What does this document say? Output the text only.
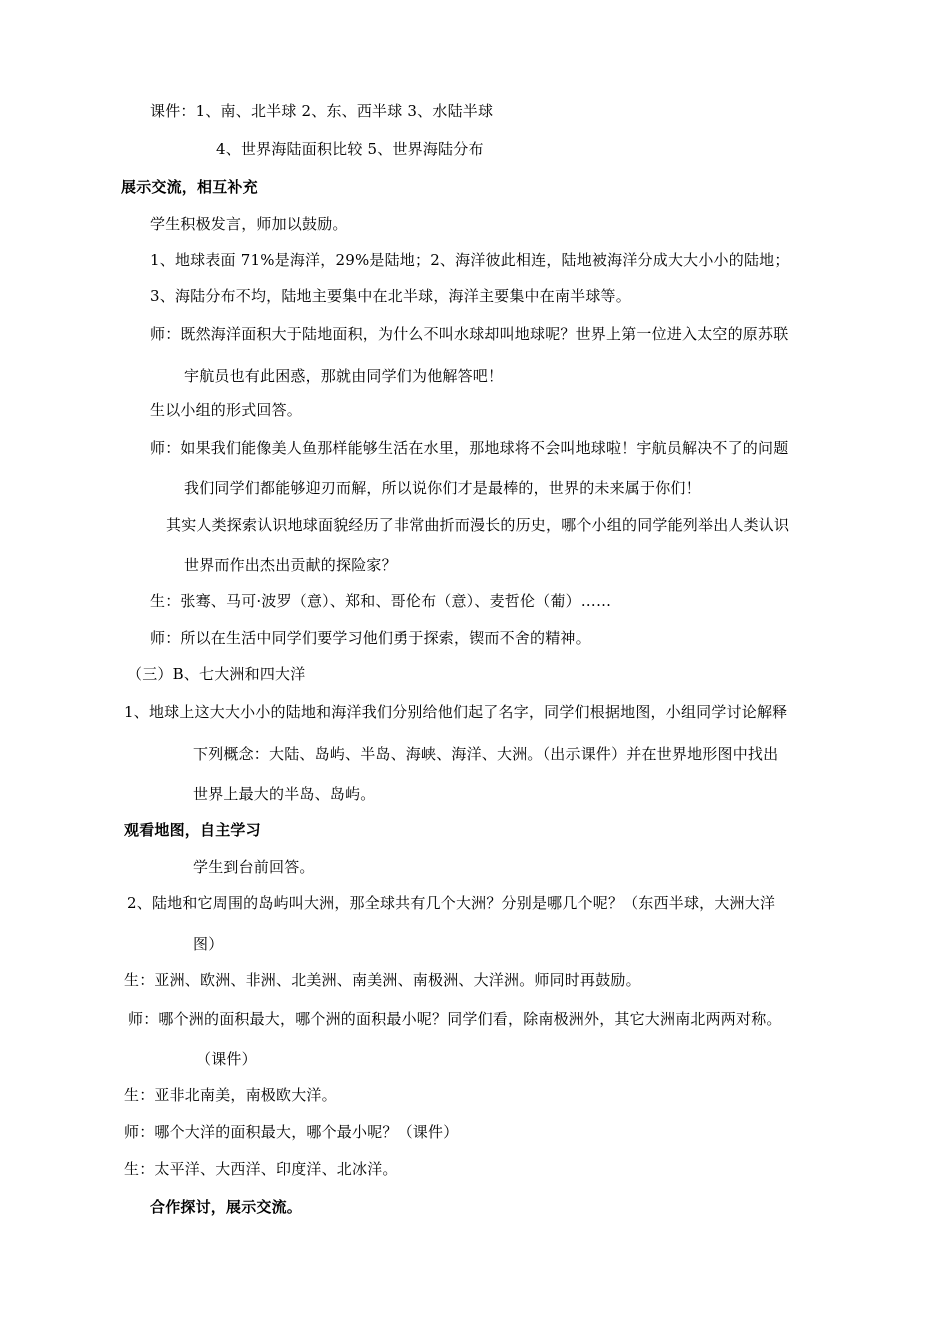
课件：1、南、北半球 2、东、西半球 3、水陆半球
4、世界海陆面积比较 5、世界海陆分布
展示交流，相互补充
学生积极发言，师加以鼓励。
1、地球表面 71%是海洋，29%是陆地；2、海洋彼此相连，陆地被海洋分成大大小小的陆地；
3、海陆分布不均，陆地主要集中在北半球，海洋主要集中在南半球等。
师：既然海洋面积大于陆地面积，为什么不叫水球却叫地球呢？世界上第一位进入太空的原苏联
宇航员也有此困惑，那就由同学们为他解答吧！
生以小组的形式回答。
师：如果我们能像美人鱼那样能够生活在水里，那地球将不会叫地球啦！宇航员解决不了的问题
我们同学们都能够迎刃而解，所以说你们才是最棒的，世界的未来属于你们！
其实人类探索认识地球面貌经历了非常曲折而漫长的历史，哪个小组的同学能列举出人类认识
世界而作出杰出贡献的探险家？
生：张骞、马可·波罗（意）、郑和、哥伦布（意）、麦哲伦（葡）……
师：所以在生活中同学们要学习他们勇于探索，锲而不舍的精神。
（三）B、七大洲和四大洋
1、地球上这大大小小的陆地和海洋我们分别给他们起了名字，同学们根据地图，小组同学讨论解释
下列概念：大陆、岛屿、半岛、海峡、海洋、大洲。（出示课件）并在世界地形图中找出
世界上最大的半岛、岛屿。
观看地图，自主学习
学生到台前回答。
2、陆地和它周围的岛屿叫大洲，那全球共有几个大洲？分别是哪几个呢？（东西半球，大洲大洋
图）
生：亚洲、欧洲、非洲、北美洲、南美洲、南极洲、大洋洲。师同时再鼓励。
师：哪个洲的面积最大，哪个洲的面积最小呢？同学们看，除南极洲外，其它大洲南北两两对称。
（课件）
生：亚非北南美，南极欧大洋。
师：哪个大洋的面积最大，哪个最小呢？（课件）
生：太平洋、大西洋、印度洋、北冰洋。
合作探讨，展示交流。
